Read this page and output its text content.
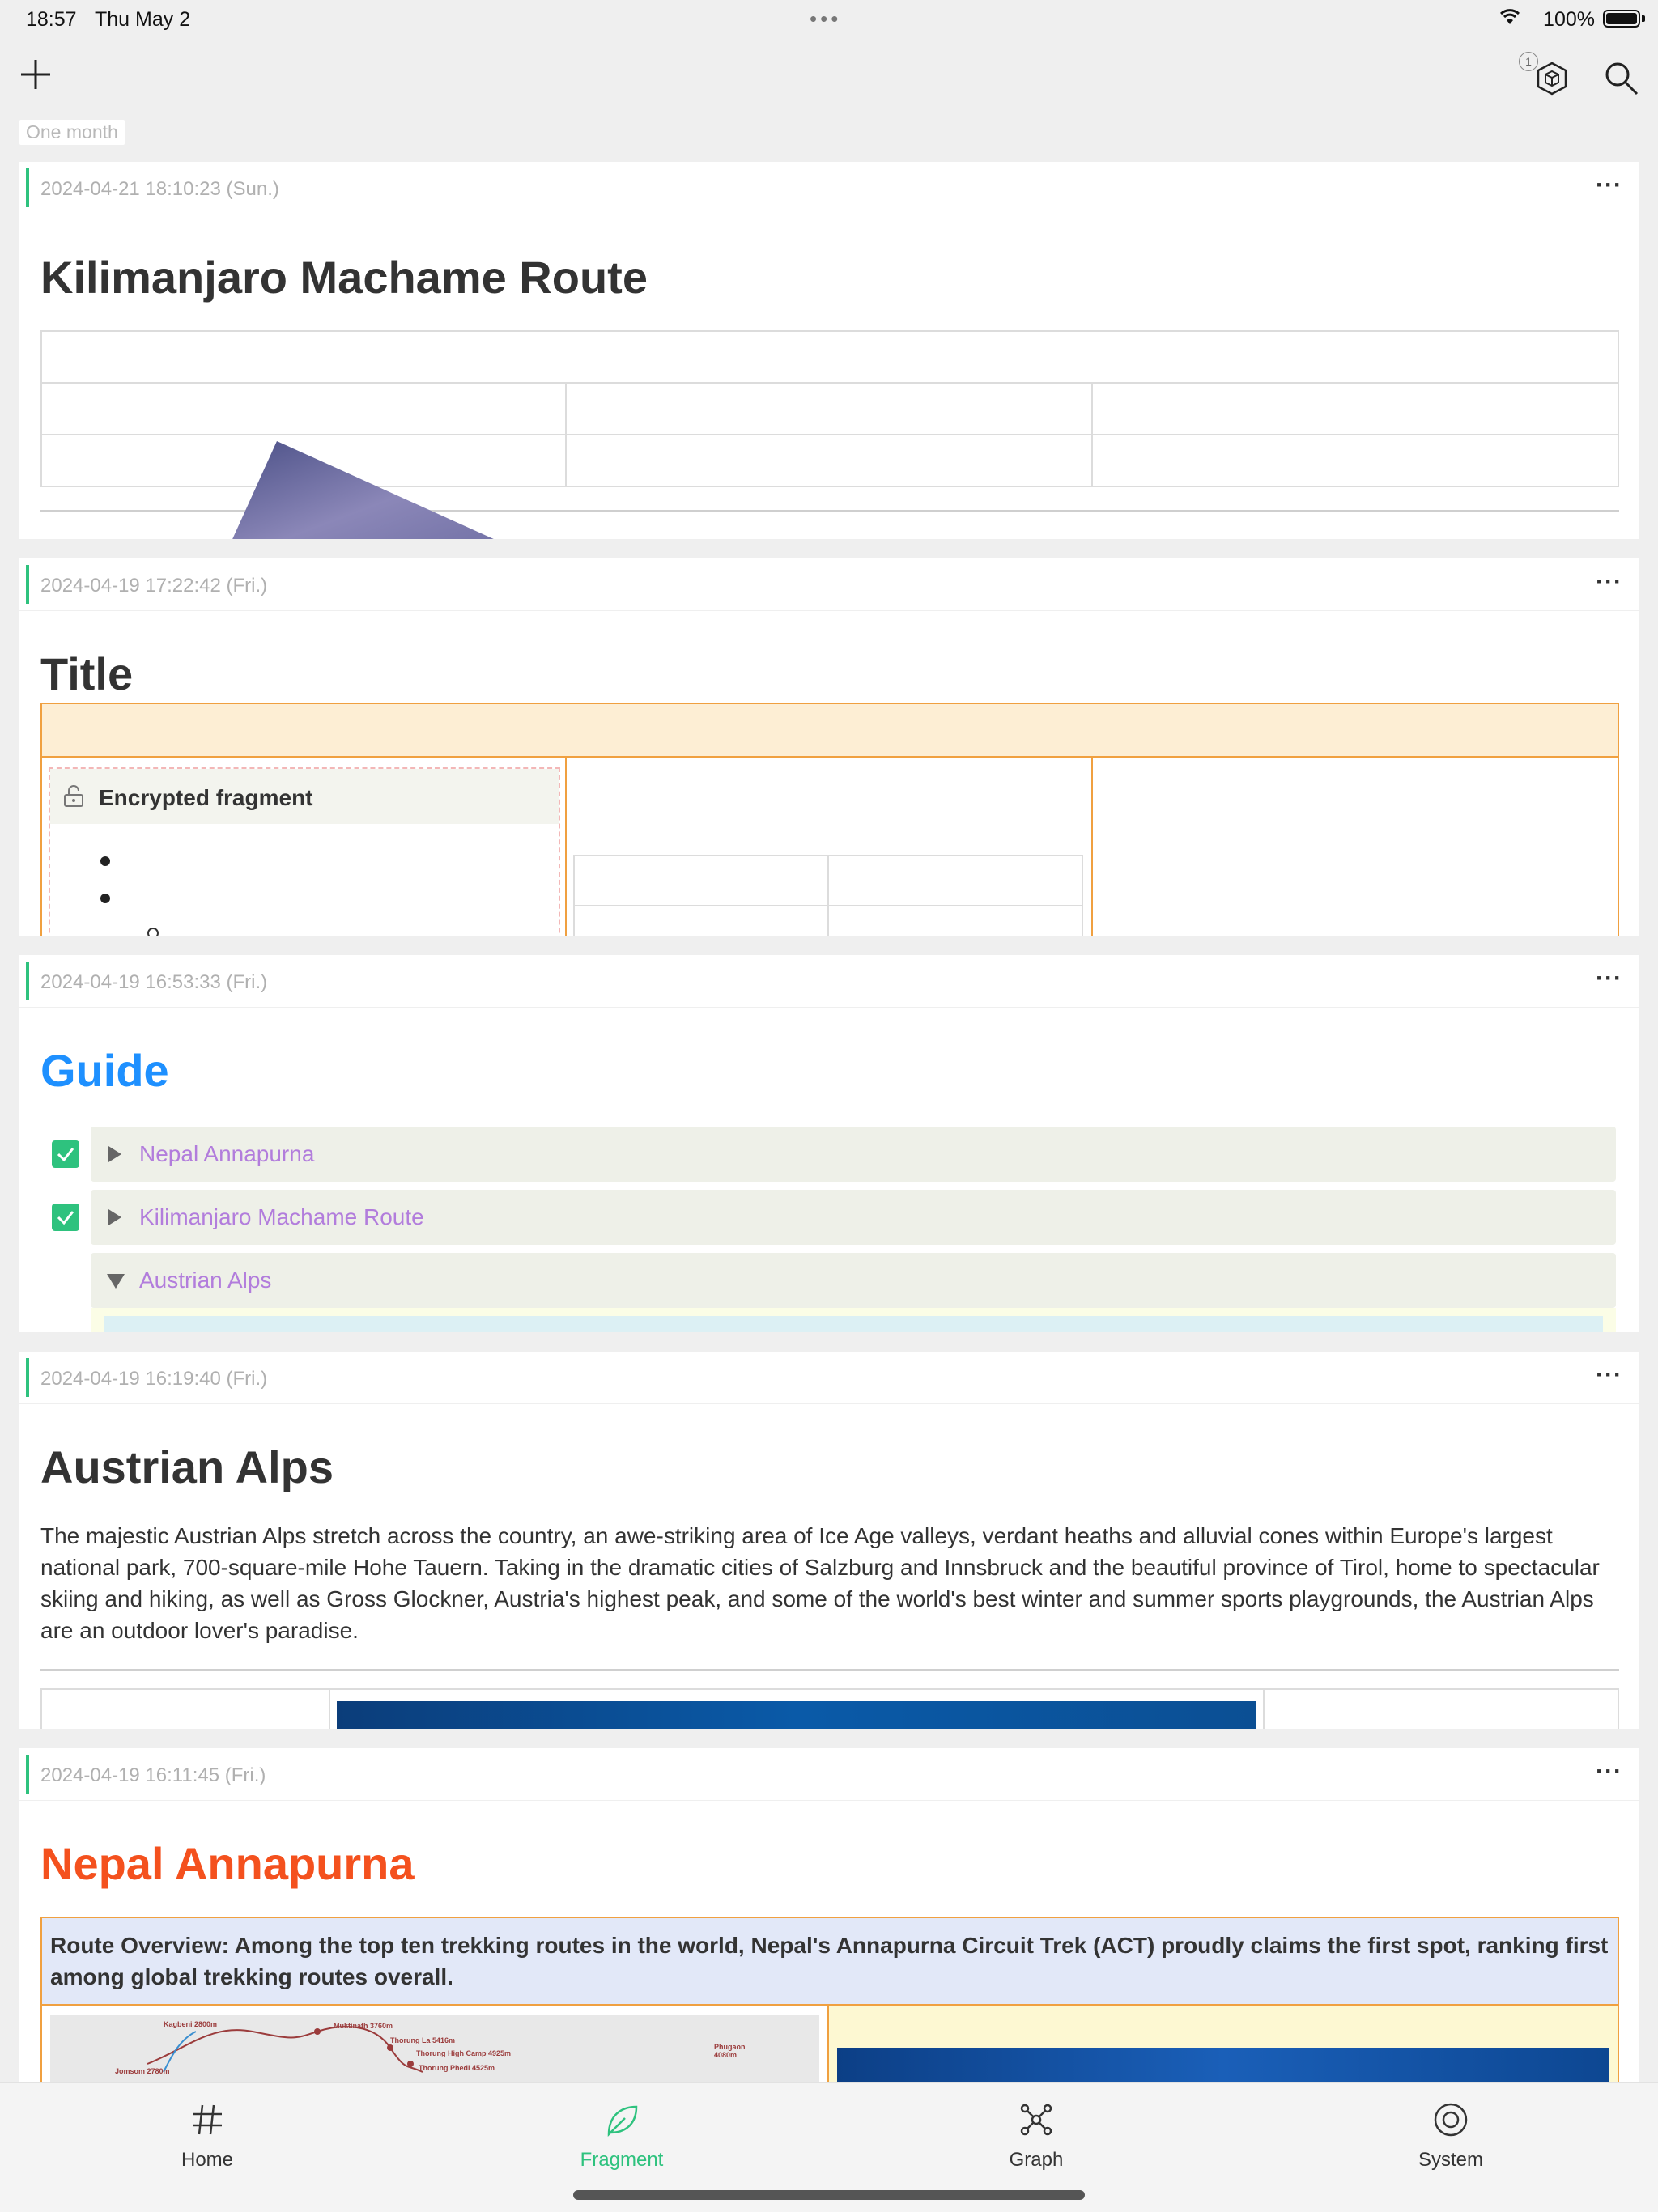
18:57 Thu May 2	•••	100%
1
One month
2024-04-21 18:10:23 (Sun.)	···
Kilimanjaro Machame Route
2024-04-19 17:22:42 (Fri.)	···
Title
Encrypted fragment
2024-04-19 16:53:33 (Fri.)	···
Guide
Nepal Annapurna
Kilimanjaro Machame Route
Austrian Alps
2024-04-19 16:19:40 (Fri.)	···
Austrian Alps
The majestic Austrian Alps stretch across the country, an awe-striking area of Ice Age valleys, verdant heaths and alluvial cones within Europe's largest national park, 700-square-mile Hohe Tauern. Taking in the dramatic cities of Salzburg and Innsbruck and the beautiful province of Tirol, home to spectacular skiing and hiking, as well as Gross Glockner, Austria's highest peak, and some of the world's best winter and summer sports playgrounds, the Austrian Alps are an outdoor lover's paradise.
2024-04-19 16:11:45 (Fri.)	···
Nepal Annapurna
Route Overview: Among the top ten trekking routes in the world, Nepal's Annapurna Circuit Trek (ACT) proudly claims the first spot, ranking first among global trekking routes overall.
Kagbeni 2800m	Muktinath 3760m
Thorung La 5416m
Thorung High Camp 4925m
Thorung Phedi 4525m
Jomsom 2780m
Phugaon 4080m
Home	Fragment	Graph	System
